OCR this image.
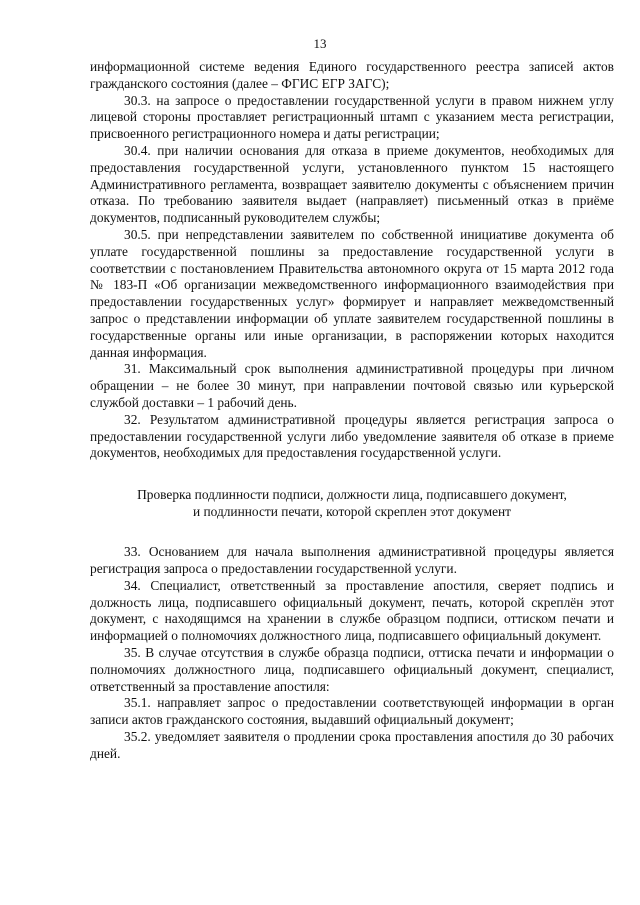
13

информационной системе ведения Единого государственного реестра записей актов гражданского состояния (далее – ФГИС ЕГР ЗАГС);

30.3. на запросе о предоставлении государственной услуги в правом нижнем углу лицевой стороны проставляет регистрационный штамп с указанием места регистрации, присвоенного регистрационного номера и даты регистрации;

30.4. при наличии основания для отказа в приеме документов, необходимых для предоставления государственной услуги, установленного пунктом 15 настоящего Административного регламента, возвращает заявителю документы с объяснением причин отказа. По требованию заявителя выдает (направляет) письменный отказ в приёме документов, подписанный руководителем службы;

30.5. при непредставлении заявителем по собственной инициативе документа об уплате государственной пошлины за предоставление государственной услуги в соответствии с постановлением Правительства автономного округа от 15 марта 2012 года № 183-П «Об организации межведомственного информационного взаимодействия при предоставлении государственных услуг» формирует и направляет межведомственный запрос о представлении информации об уплате заявителем государственной пошлины в государственные органы или иные организации, в распоряжении которых находится данная информация.

31. Максимальный срок выполнения административной процедуры при личном обращении – не более 30 минут, при направлении почтовой связью или курьерской службой доставки – 1 рабочий день.

32. Результатом административной процедуры является регистрация запроса о предоставлении государственной услуги либо уведомление заявителя об отказе в приеме документов, необходимых для предоставления государственной услуги.

Проверка подлинности подписи, должности лица, подписавшего документ,
и подлинности печати, которой скреплен этот документ

33. Основанием для начала выполнения административной процедуры является регистрация запроса о предоставлении государственной услуги.

34. Специалист, ответственный за проставление апостиля, сверяет подпись и должность лица, подписавшего официальный документ, печать, которой скреплён этот документ, с находящимся на хранении в службе образцом подписи, оттиском печати и информацией о полномочиях должностного лица, подписавшего официальный документ.

35. В случае отсутствия в службе образца подписи, оттиска печати и информации о полномочиях должностного лица, подписавшего официальный документ, специалист, ответственный за проставление апостиля:

35.1. направляет запрос о предоставлении соответствующей информации в орган записи актов гражданского состояния, выдавший официальный документ;

35.2. уведомляет заявителя о продлении срока проставления апостиля до 30 рабочих дней.
